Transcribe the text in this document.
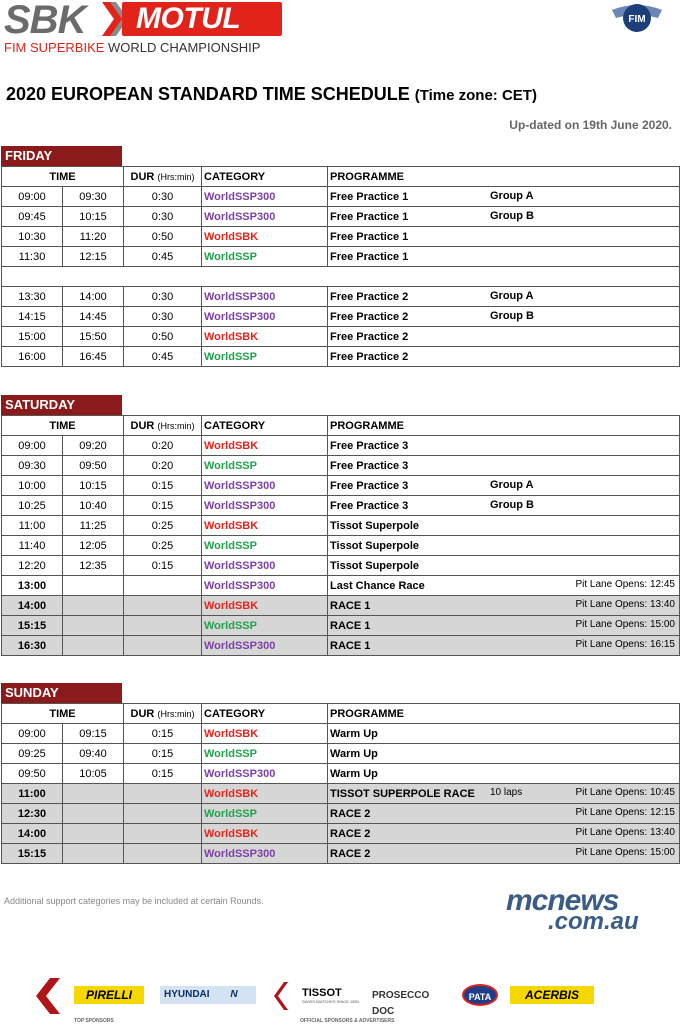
SBK MOTUL
FIM SUPERBIKE WORLD CHAMPIONSHIP
FIM
2020 EUROPEAN STANDARD TIME SCHEDULE (Time zone: CET)
Up-dated on 19th June 2020.
FRIDAY
TIME		DUR (Hrs:min)	CATEGORY	PROGRAMME
09:00	09:30	0:30	WorldSSP300	Free Practice 1 Group A

09:45	10:15	0:30	WorldSSP300	Free Practice 1 Group B

10:30	11:20	0:50	WorldSBK	Free Practice 1
11:30	12:15	0:45	WorldSSP	Free Practice 1

13:30	14:00	0:30	WorldSSP300	Free Practice 2 Group A

14:15	14:45	0:30	WorldSSP300	Free Practice 2 Group B

15:00	15:50	0:50	WorldSBK	Free Practice 2
16:00	16:45	0:45	WorldSSP	Free Practice 2
SATURDAY
TIME		DUR (Hrs:min)	CATEGORY	PROGRAMME
09:00	09:20	0:20	WorldSBK	Free Practice 3
09:30	09:50	0:20	WorldSSP	Free Practice 3
10:00	10:15	0:15	WorldSSP300	Free Practice 3 Group A

10:25	10:40	0:15	WorldSSP300	Free Practice 3 Group B

11:00	11:25	0:25	WorldSBK	Tissot Superpole
11:40	12:05	0:25	WorldSSP	Tissot Superpole
12:20	12:35	0:15	WorldSSP300	Tissot Superpole
13:00			WorldSSP300	Last Chance Race Pit Lane Opens: 12:45

14:00			WorldSBK	RACE 1 Pit Lane Opens: 13:40

15:15			WorldSSP	RACE 1 Pit Lane Opens: 15:00

16:30			WorldSSP300	RACE 1 Pit Lane Opens: 16:15
SUNDAY
TIME		DUR (Hrs:min)	CATEGORY	PROGRAMME
09:00	09:15	0:15	WorldSBK	Warm Up
09:25	09:40	0:15	WorldSSP	Warm Up
09:50	10:05	0:15	WorldSSP300	Warm Up
11:00			WorldSBK	TISSOT SUPERPOLE RACE 10 laps Pit Lane Opens: 10:45

12:30			WorldSSP	RACE 2 Pit Lane Opens: 12:15

14:00			WorldSBK	RACE 2 Pit Lane Opens: 13:40

15:15			WorldSSP300	RACE 2 Pit Lane Opens: 15:00
Additional support categories may be included at certain Rounds.	mcnews
.com.au
PIRELLI	HYUNDAI N	TISSOT
SWISS WATCHES SINCE 1853
PROSECCO DOC
PATA	ACERBIS
TOP SPONSORS	OFFICIAL SPONSORS & ADVERTISERS
